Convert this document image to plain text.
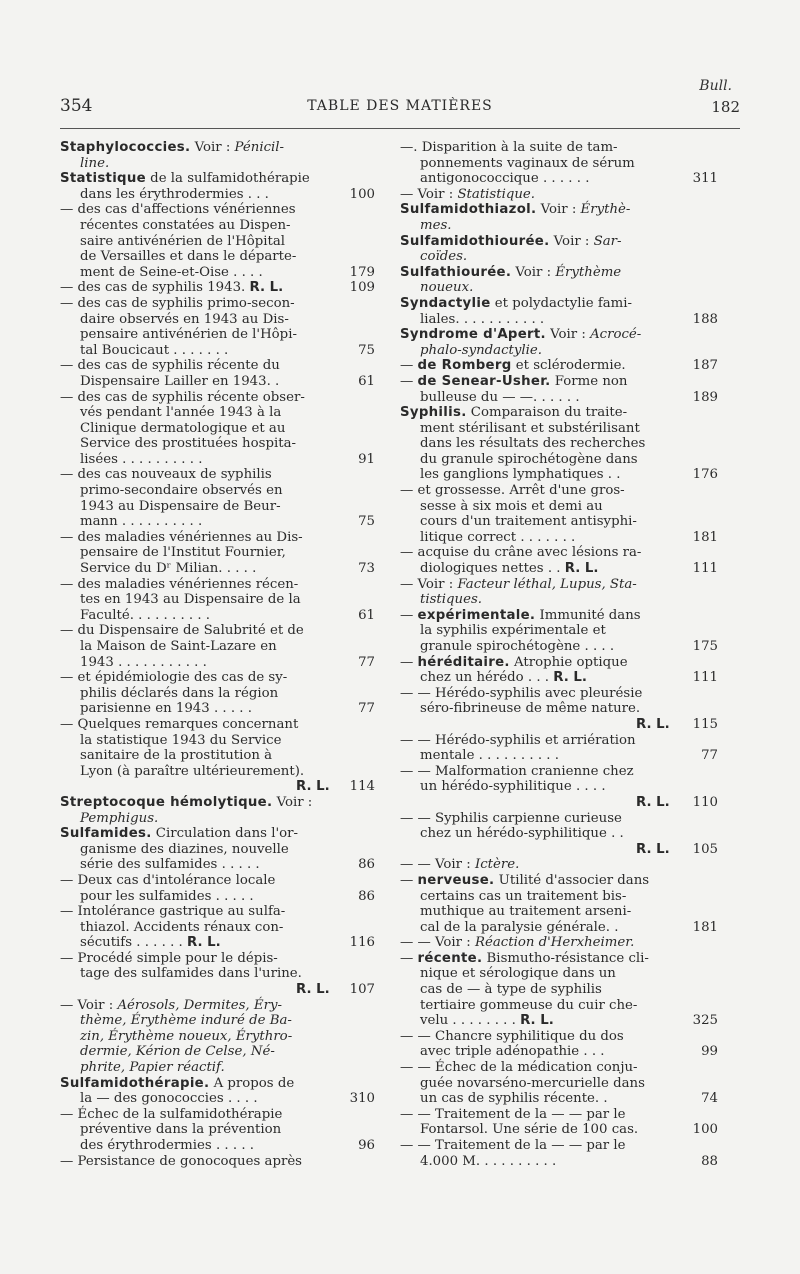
Bull.
354	TABLE DES MATIÈRES	182
Staphylococcies. Voir : Pénicil-
line.
Statistique de la sulfamidothérapie
dans les érythrodermies . . .	100
— des cas d'affections vénériennes
récentes constatées au Dispen-
saire antivénérien de l'Hôpital
de Versailles et dans le départe-
ment de Seine-et-Oise . . . .	179
— des cas de syphilis 1943. R. L.	109
— des cas de syphilis primo-secon-
daire observés en 1943 au Dis-
pensaire antivénérien de l'Hôpi-
tal Boucicaut . . . . . . .	75
— des cas de syphilis récente du
Dispensaire Lailler en 1943. .	61
— des cas de syphilis récente obser-
vés pendant l'année 1943 à la
Clinique dermatologique et au
Service des prostituées hospita-
lisées . . . . . . . . . .	91
— des cas nouveaux de syphilis
primo-secondaire observés en
1943 au Dispensaire de Beur-
mann . . . . . . . . . .	75
— des maladies vénériennes au Dis-
pensaire de l'Institut Fournier,
Service du Dʳ Milian. . . . .	73
— des maladies vénériennes récen-
tes en 1943 au Dispensaire de la
Faculté. . . . . . . . . .	61
— du Dispensaire de Salubrité et de
la Maison de Saint-Lazare en
1943 . . . . . . . . . . .	77
— et épidémiologie des cas de sy-
philis déclarés dans la région
parisienne en 1943 . . . . .	77
— Quelques remarques concernant
la statistique 1943 du Service
sanitaire de la prostitution à
Lyon (à paraître ultérieurement).
R. L.	114
Streptocoque hémolytique. Voir :
Pemphigus.
Sulfamides. Circulation dans l'or-
ganisme des diazines, nouvelle
série des sulfamides . . . . .	86
— Deux cas d'intolérance locale
pour les sulfamides . . . . .	86
— Intolérance gastrique au sulfa-
thiazol. Accidents rénaux con-
sécutifs . . . . . . R. L.	116
— Procédé simple pour le dépis-
tage des sulfamides dans l'urine.
R. L.	107
— Voir : Aérosols, Dermites, Éry-
thème, Érythème induré de Ba-
zin, Érythème noueux, Érythro-
dermie, Kérion de Celse, Né-
phrite, Papier réactif.
Sulfamidothérapie. A propos de
la — des gonococcies . . . .	310
— Échec de la sulfamidothérapie
préventive dans la prévention
des érythrodermies . . . . .	96
— Persistance de gonocoques après
—. Disparition à la suite de tam-
ponnements vaginaux de sérum
antigonococcique . . . . . .	311
— Voir : Statistique.
Sulfamidothiazol. Voir : Érythè-
mes.
Sulfamidothiourée. Voir : Sar-
coïdes.
Sulfathiourée. Voir : Érythème
noueux.
Syndactylie et polydactylie fami-
liales. . . . . . . . . . .	188
Syndrome d'Apert. Voir : Acrocé-
phalo-syndactylie.
— de Romberg et sclérodermie.	187
— de Senear-Usher. Forme non
bulleuse du — —. . . . . .	189
Syphilis. Comparaison du traite-
ment stérilisant et substérilisant
dans les résultats des recherches
du granule spirochétogène dans
les ganglions lymphatiques . .	176
— et grossesse. Arrêt d'une gros-
sesse à six mois et demi au
cours d'un traitement antisyphi-
litique correct . . . . . . .	181
— acquise du crâne avec lésions ra-
diologiques nettes . . R. L.	111
— Voir : Facteur léthal, Lupus, Sta-
tistiques.
— expérimentale. Immunité dans
la syphilis expérimentale et
granule spirochétogène . . . .	175
— héréditaire. Atrophie optique
chez un hérédo . . . R. L.	111
— — Hérédo-syphilis avec pleurésie
séro-fibrineuse de même nature.
R. L.	115
— — Hérédo-syphilis et arriération
mentale . . . . . . . . . .	77
— — Malformation cranienne chez
un hérédo-syphilitique . . . .
R. L.	110
— — Syphilis carpienne curieuse
chez un hérédo-syphilitique . .
R. L.	105
— — Voir : Ictère.
— nerveuse. Utilité d'associer dans
certains cas un traitement bis-
muthique au traitement arseni-
cal de la paralysie générale. .	181
— — Voir : Réaction d'Herxheimer.
— récente. Bismutho-résistance cli-
nique et sérologique dans un
cas de — à type de syphilis
tertiaire gommeuse du cuir che-
velu . . . . . . . . R. L.	325
— — Chancre syphilitique du dos
avec triple adénopathie . . .	99
— — Échec de la médication conju-
guée novarséno-mercurielle dans
un cas de syphilis récente. .	74
— — Traitement de la — — par le
Fontarsol. Une série de 100 cas.	100
— — Traitement de la — — par le
4.000 M. . . . . . . . . .	88
